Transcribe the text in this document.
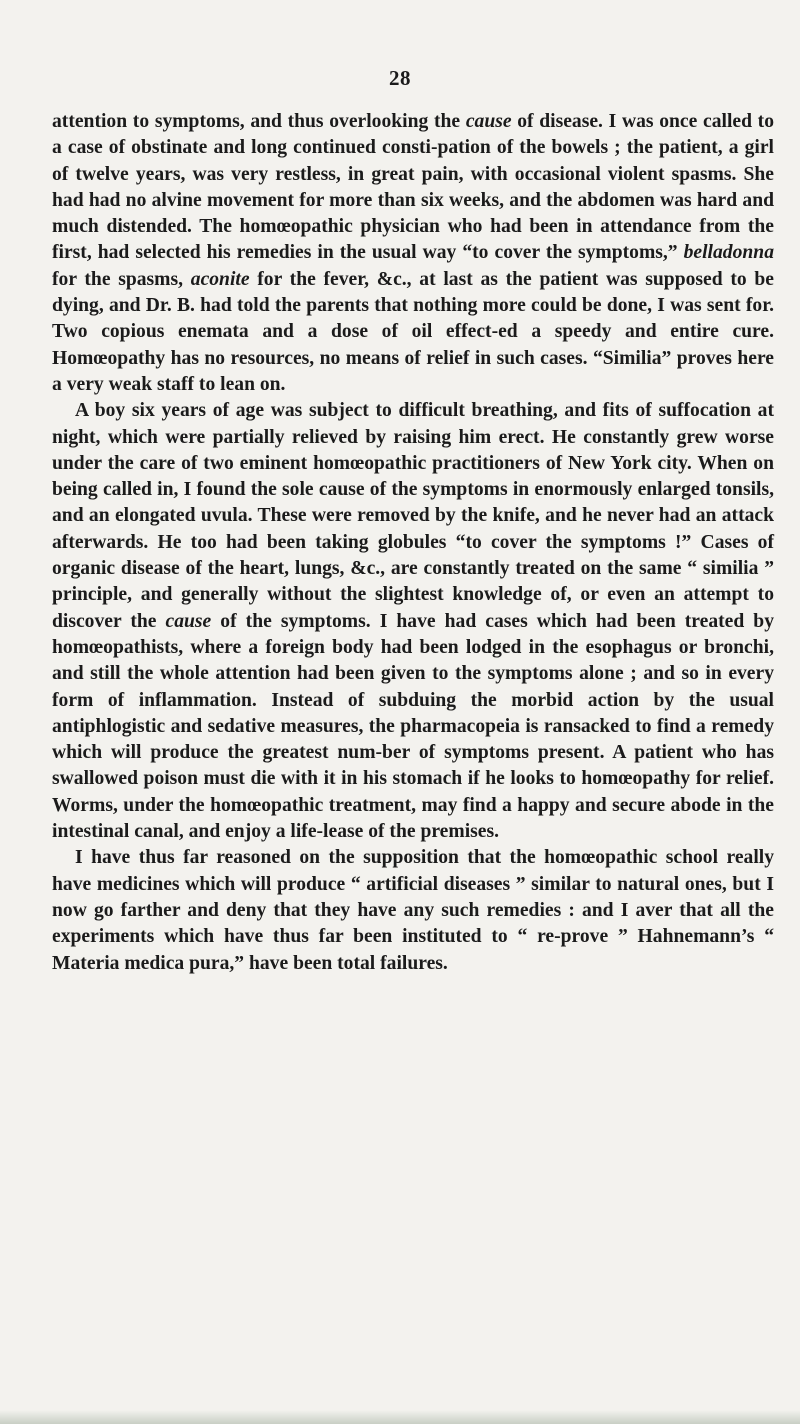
28

attention to symptoms, and thus overlooking the cause of disease. I was once called to a case of obstinate and long continued consti-pation of the bowels ; the patient, a girl of twelve years, was very restless, in great pain, with occasional violent spasms. She had had no alvine movement for more than six weeks, and the abdomen was hard and much distended. The homœopathic physician who had been in attendance from the first, had selected his remedies in the usual way “to cover the symptoms,” belladonna for the spasms, aconite for the fever, &c., at last as the patient was supposed to be dying, and Dr. B. had told the parents that nothing more could be done, I was sent for. Two copious enemata and a dose of oil effect-ed a speedy and entire cure. Homœopathy has no resources, no means of relief in such cases. “Similia” proves here a very weak staff to lean on.

A boy six years of age was subject to difficult breathing, and fits of suffocation at night, which were partially relieved by raising him erect. He constantly grew worse under the care of two eminent homœopathic practitioners of New York city. When on being called in, I found the sole cause of the symptoms in enormously enlarged tonsils, and an elongated uvula. These were removed by the knife, and he never had an attack afterwards. He too had been taking globules “to cover the symptoms !” Cases of organic disease of the heart, lungs, &c., are constantly treated on the same “ similia ” principle, and generally without the slightest knowledge of, or even an attempt to discover the cause of the symptoms. I have had cases which had been treated by homœopathists, where a foreign body had been lodged in the esophagus or bronchi, and still the whole attention had been given to the symptoms alone ; and so in every form of inflammation. Instead of subduing the morbid action by the usual antiphlogistic and sedative measures, the pharmacopeia is ransacked to find a remedy which will produce the greatest num-ber of symptoms present. A patient who has swallowed poison must die with it in his stomach if he looks to homœopathy for relief. Worms, under the homœopathic treatment, may find a happy and secure abode in the intestinal canal, and enjoy a life-lease of the premises.

I have thus far reasoned on the supposition that the homœopathic school really have medicines which will produce “ artificial diseases ” similar to natural ones, but I now go farther and deny that they have any such remedies : and I aver that all the experiments which have thus far been instituted to “ re-prove ” Hahnemann’s “ Materia medica pura,” have been total failures.
